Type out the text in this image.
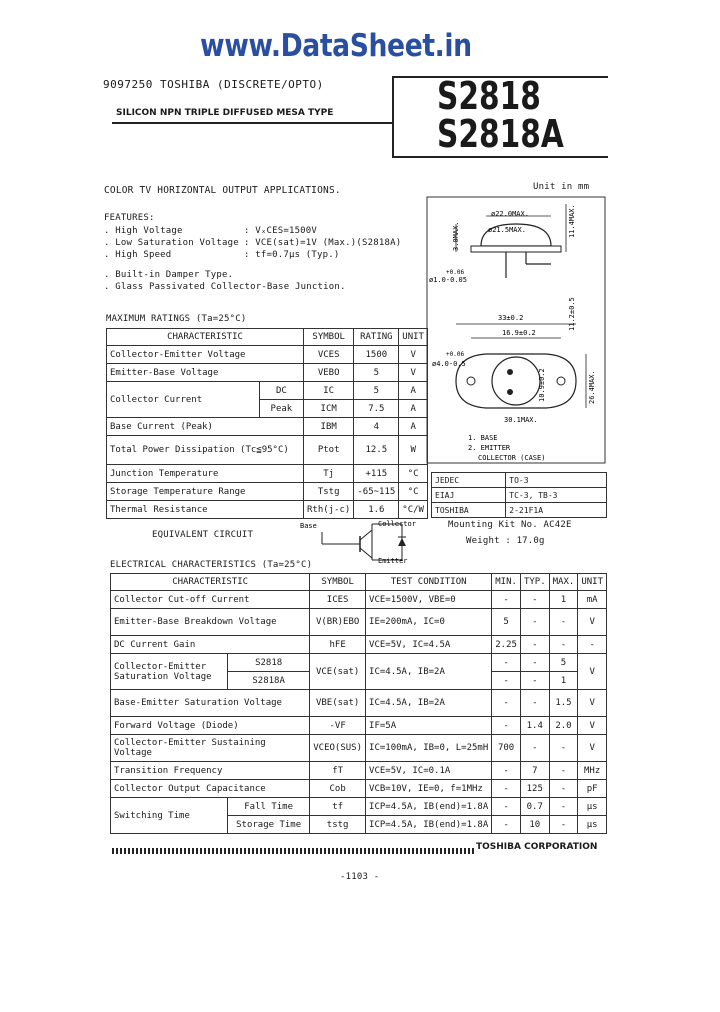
www.DataSheet.in
9097250 TOSHIBA (DISCRETE/OPTO)
SILICON NPN TRIPLE DIFFUSED MESA TYPE	S2818
S2818A
COLOR TV HORIZONTAL OUTPUT APPLICATIONS.	Unit in mm
FEATURES:
. High Voltage	: VₓCES=1500V
. Low Saturation Voltage : VCE(sat)=1V (Max.)(S2818A)
. High Speed	: tf=0.7μs (Typ.)
. Built-in Damper Type.
. Glass Passivated Collector-Base Junction.
MAXIMUM RATINGS (Ta=25°C)
CHARACTERISTIC		SYMBOL	RATING	UNIT
Collector-Emitter Voltage		VCES	1500	V
Emitter-Base Voltage		VEBO	5	V
Collector Current	DC	IC	5	A
	Peak	ICM	7.5	A
Base Current (Peak)		IBM	4	A
Total Power Dissipation (Tc≦95°C)		Ptot	12.5	W
Junction Temperature		Tj	+115	°C
Storage Temperature Range		Tstg	-65~115	°C
Thermal Resistance		Rth(j-c)	1.6	°C/W
ø22.0MAX.
ø21.5MAX.
3.0MAX.	11.4MAX.
11.2±0.5
ø1.0-0.05
+0.06
33±0.2
16.9±0.2
ø4.0-0.5
+0.06
10.9±0.2	26.4MAX.
30.1MAX.
1. BASE
2. EMITTER
COLLECTOR (CASE)
JEDEC	TO-3
EIAJ	TC-3, TB-3
TOSHIBA	2-21F1A
Mounting Kit No. AC42E
Weight : 17.0g
EQUIVALENT CIRCUIT
Base	Collector
Emitter
ELECTRICAL CHARACTERISTICS (Ta=25°C)
CHARACTERISTIC		SYMBOL	TEST CONDITION	MIN.	TYP.	MAX.	UNIT
Collector Cut-off Current		ICES	VCE=1500V, VBE=0	-	-	1	mA
Emitter-Base Breakdown Voltage		V(BR)EBO	IE=200mA, IC=0	5	-	-	V
DC Current Gain		hFE	VCE=5V, IC=4.5A	2.25	-	-	-
Collector-Emitter Saturation Voltage	S2818	VCE(sat)	IC=4.5A, IB=2A	-	-	5	V
	S2818A			-	-	1	
Base-Emitter Saturation Voltage		VBE(sat)	IC=4.5A, IB=2A	-	-	1.5	V
Forward Voltage (Diode)		-VF	IF=5A	-	1.4	2.0	V
Collector-Emitter Sustaining Voltage		VCEO(SUS)	IC=100mA, IB=0, L=25mH	700	-	-	V
Transition Frequency		fT	VCE=5V, IC=0.1A	-	7	-	MHz
Collector Output Capacitance		Cob	VCB=10V, IE=0, f=1MHz	-	125	-	pF
Switching Time	Fall Time	tf	ICP=4.5A, IB(end)=1.8A	-	0.7	-	μs
	Storage Time	tstg	ICP=4.5A, IB(end)=1.8A	-	10	-	μs
TOSHIBA CORPORATION
-1103 -
